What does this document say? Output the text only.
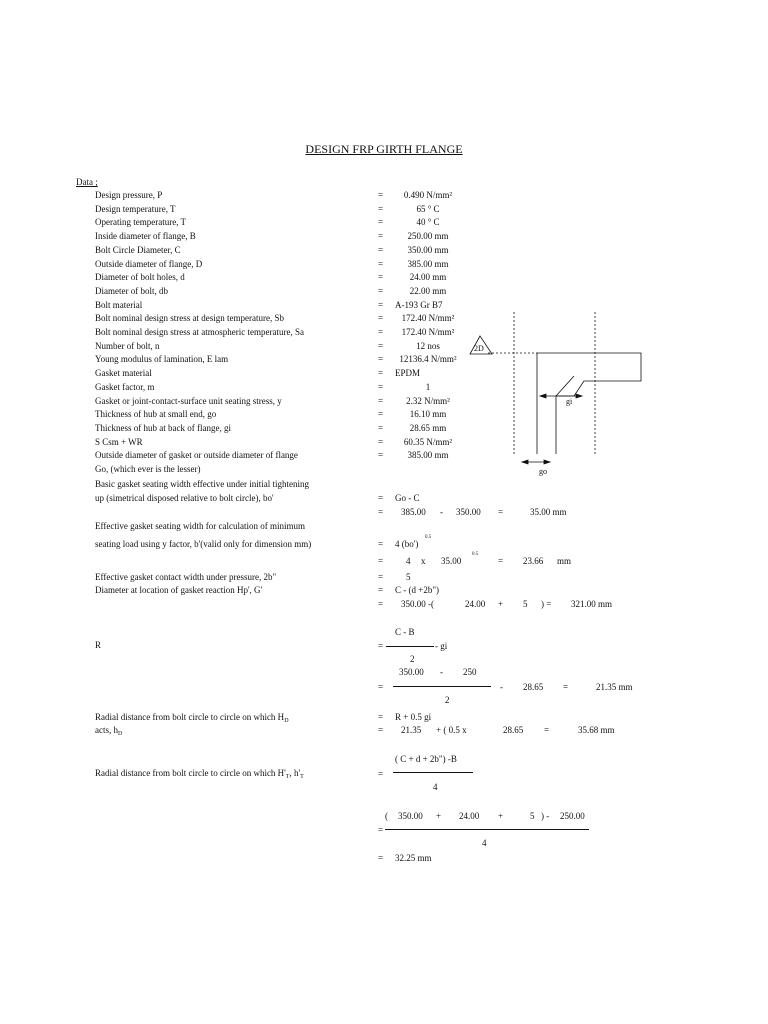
DESIGN FRP GIRTH FLANGE
Data ;
Design pressure, P	=	0.490 N/mm²
Design temperature, T	=	65 ° C
Operating temperature, T	=	40 ° C
Inside diameter of flange, B	=	250.00 mm
Bolt Circle Diameter, C	=	350.00 mm
Outside diameter of flange, D	=	385.00 mm
Diameter of bolt holes, d	=	24.00 mm
Diameter of bolt, db	=	22.00 mm
Bolt material	= A-193 Gr B7
Bolt nominal design stress at design temperature, Sb	=	172.40 N/mm²
Bolt nominal design stress at atmospheric temperature, Sa	=	172.40 N/mm²
Number of bolt, n	=	12 nos
Young modulus of lamination, E lam	=	12136.4 N/mm²
Gasket material	= EPDM
Gasket factor, m	=	1
Gasket or joint-contact-surface unit seating stress, y	=	2.32 N/mm²
Thickness of hub at small end, go	=	16.10 mm
Thickness of hub at back of flange, gi	=	28.65 mm
S Csm + WR	=	60.35 N/mm²
Outside diameter of gasket or outside diameter of flange	=	385.00 mm
Go, (which ever is the lesser)
Basic gasket seating width effective under initial tightening
up (simetrical disposed relative to bolt circle), bo'	= Go - C
= 385.00 - 350.00 =	35.00 mm
Effective gasket seating width for calculation of minimum
seating load using y factor, b'(valid only for dimension mm)	= 4 (bo')
0.5
=	4 x 35.00
0.5
= 23.66 mm
Effective gasket contact width under pressure, 2b"	=	5
Diameter at location of gasket reaction Hp', G'	= C - (d +2b")
= 350.00 -(	24.00 + 5 ) = 321.00 mm
R	=
C - B
- gi
2
350.00 - 250
=	- 28.65 =	21.35 mm
2
Radial distance from bolt circle to circle on which $H_D$
acts, $h_D$
= R + 0.5 gi
= 21.35 + ( 0.5 x	28.65 =	35.68 mm
Radial distance from bolt circle to circle on which $H'_T$, $h'_T$	=
( C + d + 2b") -B
4
( 350.00 + 24.00 +	5 ) - 250.00
=
4
= 32.25 mm
2D
gi
go
